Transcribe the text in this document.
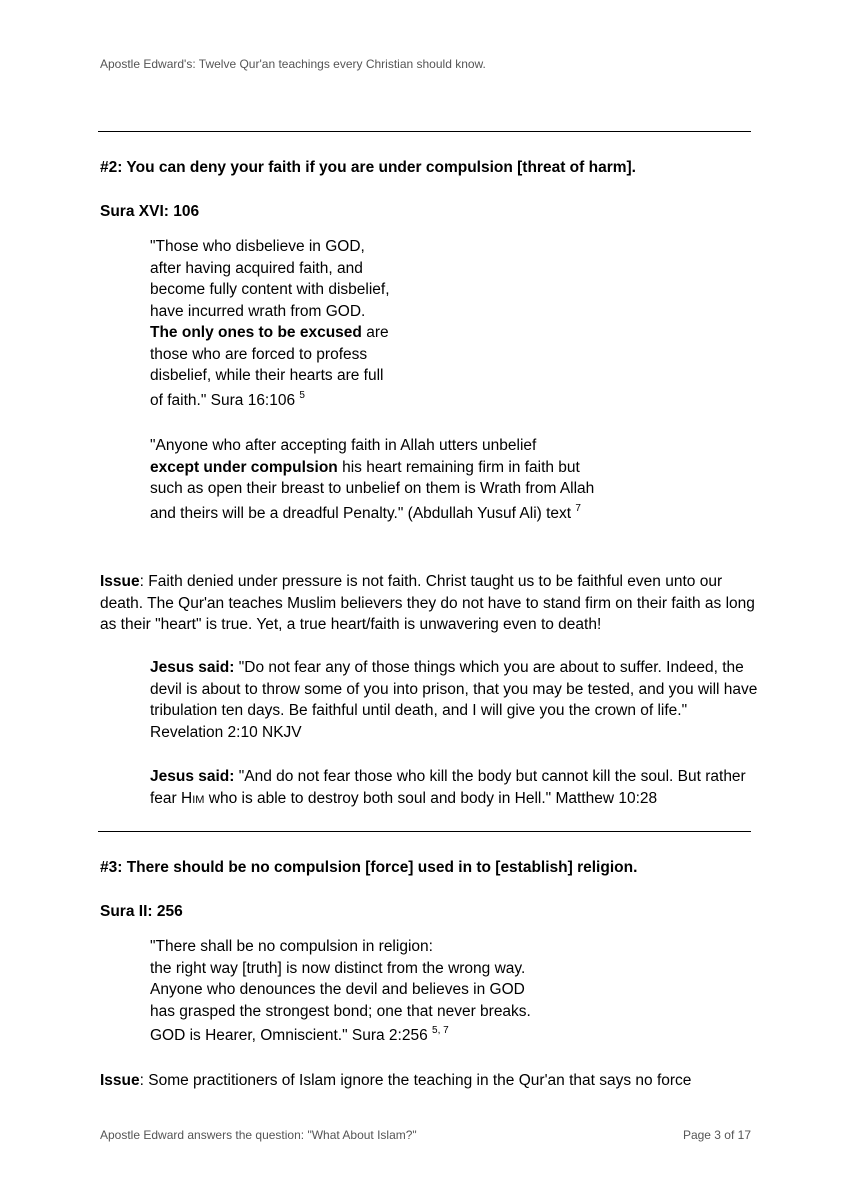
Apostle Edward's: Twelve Qur'an teachings every Christian should know.
#2: You can deny your faith if you are under compulsion [threat of harm].
Sura XVI: 106

"Those who disbelieve in GOD,

after having acquired faith, and

become fully content with disbelief,

have incurred wrath from GOD.

The only ones to be excused are

those who are forced to profess

disbelief, while their hearts are full

of faith." Sura 16:106 $^5$

"Anyone who after accepting faith in Allah utters unbelief

except under compulsion his heart remaining firm in faith but

such as open their breast to unbelief on them is Wrath from Allah

and theirs will be a dreadful Penalty." (Abdullah Yusuf Ali) text $^7$

Issue: Faith denied under pressure is not faith. Christ taught us to be faithful even unto our death. The Qur'an teaches Muslim believers they do not have to stand firm on their faith as long as their "heart" is true. Yet, a true heart/faith is unwavering even to death!

Jesus said: "Do not fear any of those things which you are about to suffer. Indeed, the devil is about to throw some of you into prison, that you may be tested, and you will have tribulation ten days. Be faithful until death, and I will give you the crown of life." Revelation 2:10 NKJV

Jesus said: "And do not fear those who kill the body but cannot kill the soul. But rather fear HIM who is able to destroy both soul and body in Hell." Matthew 10:28

#3: There should be no compulsion [force] used in to [establish] religion.
Sura II: 256

"There shall be no compulsion in religion:

the right way [truth] is now distinct from the wrong way.

Anyone who denounces the devil and believes in GOD

has grasped the strongest bond; one that never breaks.

GOD is Hearer, Omniscient." Sura 2:256 $^{5, 7}$

Issue: Some practitioners of Islam ignore the teaching in the Qur'an that says no force

Apostle Edward answers the question: "What About Islam?"	Page 3 of 17
